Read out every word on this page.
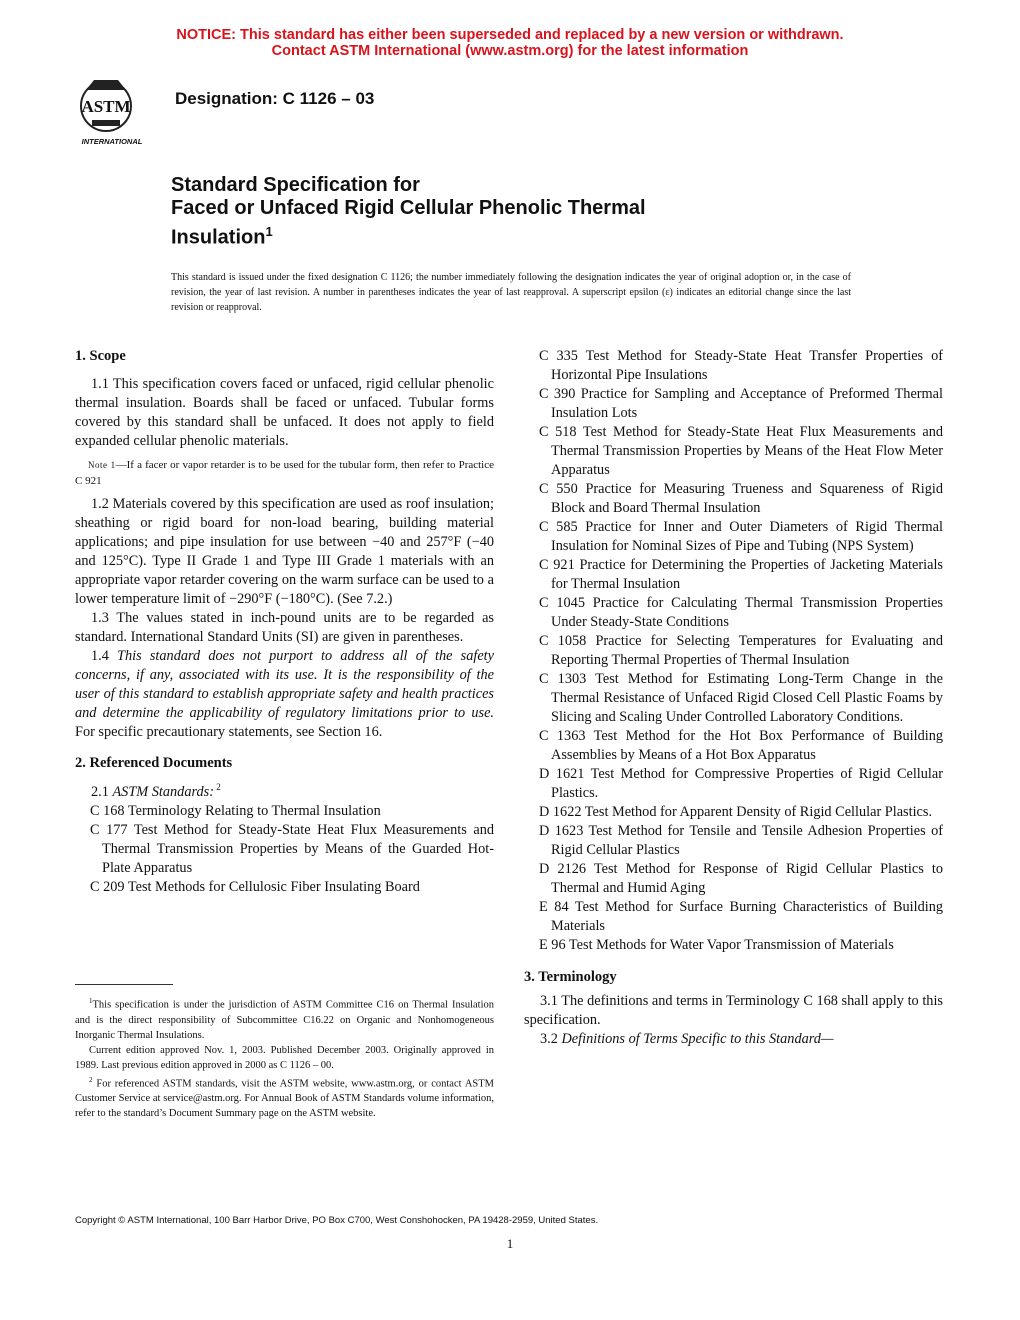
NOTICE: This standard has either been superseded and replaced by a new version or withdrawn.
Contact ASTM International (www.astm.org) for the latest information
ASTM
INTERNATIONAL
Designation: C 1126 – 03
Standard Specification for
Faced or Unfaced Rigid Cellular Phenolic Thermal
Insulation$^1$
This standard is issued under the fixed designation C 1126; the number immediately following the designation indicates the year of original adoption or, in the case of revision, the year of last revision. A number in parentheses indicates the year of last reapproval. A superscript epsilon (ε) indicates an editorial change since the last revision or reapproval.
1. Scope

1.1 This specification covers faced or unfaced, rigid cellular phenolic thermal insulation. Boards shall be faced or unfaced. Tubular forms covered by this standard shall be unfaced. It does not apply to field expanded cellular phenolic materials.

Note 1—If a facer or vapor retarder is to be used for the tubular form, then refer to Practice C 921

1.2 Materials covered by this specification are used as roof insulation; sheathing or rigid board for non-load bearing, building material applications; and pipe insulation for use between −40 and 257°F (−40 and 125°C). Type II Grade 1 and Type III Grade 1 materials with an appropriate vapor retarder covering on the warm surface can be used to a lower temperature limit of −290°F (−180°C). (See 7.2.)

1.3 The values stated in inch-pound units are to be regarded as standard. International Standard Units (SI) are given in parentheses.

1.4 This standard does not purport to address all of the safety concerns, if any, associated with its use. It is the responsibility of the user of this standard to establish appropriate safety and health practices and determine the applicability of regulatory limitations prior to use. For specific precautionary statements, see Section 16.

2. Referenced Documents

2.1 ASTM Standards: $^2$

C 168 Terminology Relating to Thermal Insulation

C 177 Test Method for Steady-State Heat Flux Measurements and Thermal Transmission Properties by Means of the Guarded Hot-Plate Apparatus

C 209 Test Methods for Cellulosic Fiber Insulating Board

C 335 Test Method for Steady-State Heat Transfer Properties of Horizontal Pipe Insulations

C 390 Practice for Sampling and Acceptance of Preformed Thermal Insulation Lots

C 518 Test Method for Steady-State Heat Flux Measurements and Thermal Transmission Properties by Means of the Heat Flow Meter Apparatus

C 550 Practice for Measuring Trueness and Squareness of Rigid Block and Board Thermal Insulation

C 585 Practice for Inner and Outer Diameters of Rigid Thermal Insulation for Nominal Sizes of Pipe and Tubing (NPS System)

C 921 Practice for Determining the Properties of Jacketing Materials for Thermal Insulation

C 1045 Practice for Calculating Thermal Transmission Properties Under Steady-State Conditions

C 1058 Practice for Selecting Temperatures for Evaluating and Reporting Thermal Properties of Thermal Insulation

C 1303 Test Method for Estimating Long-Term Change in the Thermal Resistance of Unfaced Rigid Closed Cell Plastic Foams by Slicing and Scaling Under Controlled Laboratory Conditions.

C 1363 Test Method for the Hot Box Performance of Building Assemblies by Means of a Hot Box Apparatus

D 1621 Test Method for Compressive Properties of Rigid Cellular Plastics.

D 1622 Test Method for Apparent Density of Rigid Cellular Plastics.

D 1623 Test Method for Tensile and Tensile Adhesion Properties of Rigid Cellular Plastics

D 2126 Test Method for Response of Rigid Cellular Plastics to Thermal and Humid Aging

E 84 Test Method for Surface Burning Characteristics of Building Materials

E 96 Test Methods for Water Vapor Transmission of Materials

3. Terminology

3.1 The definitions and terms in Terminology C 168 shall apply to this specification.

3.2 Definitions of Terms Specific to this Standard—

$^1$This specification is under the jurisdiction of ASTM Committee C16 on Thermal Insulation and is the direct responsibility of Subcommittee C16.22 on Organic and Nonhomogeneous Inorganic Thermal Insulations.

Current edition approved Nov. 1, 2003. Published December 2003. Originally approved in 1989. Last previous edition approved in 2000 as C 1126 – 00.

$^2$ For referenced ASTM standards, visit the ASTM website, www.astm.org, or contact ASTM Customer Service at service@astm.org. For Annual Book of ASTM Standards volume information, refer to the standard’s Document Summary page on the ASTM website.

Copyright © ASTM International, 100 Barr Harbor Drive, PO Box C700, West Conshohocken, PA 19428-2959, United States.
1
